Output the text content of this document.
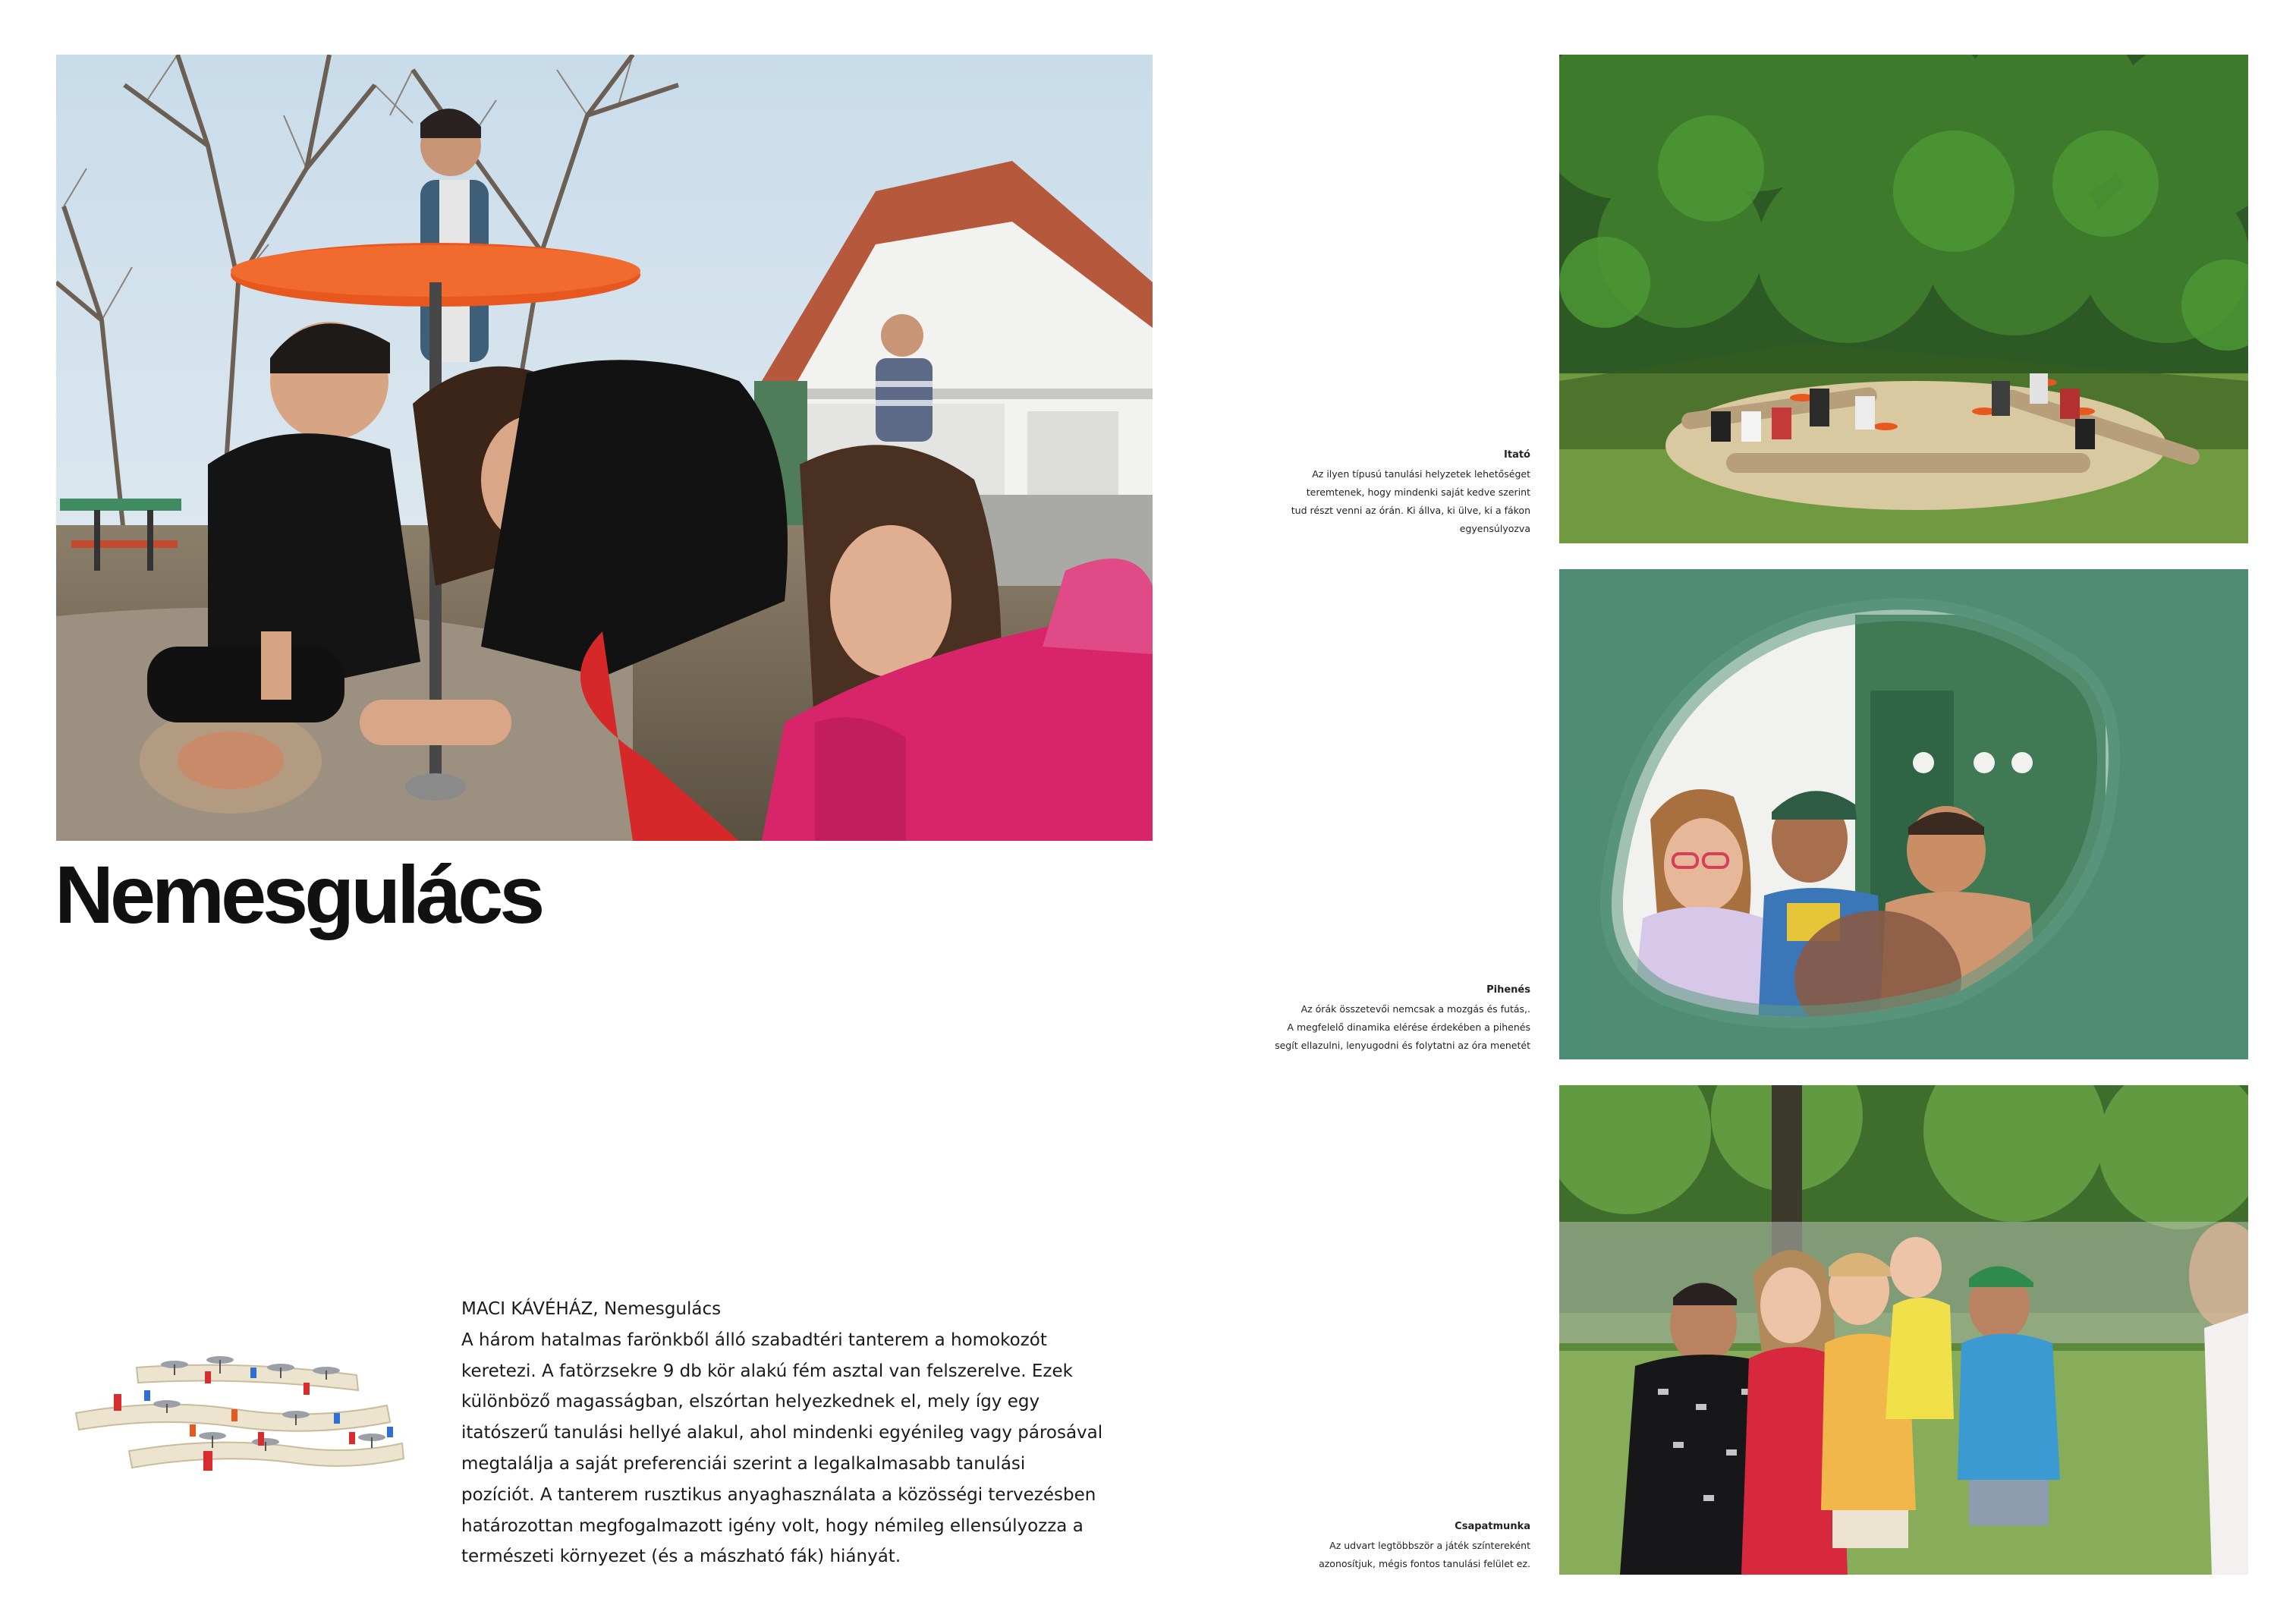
Nemesgulács
Itató
Az ilyen típusú tanulási helyzetek lehetőséget
teremtenek, hogy mindenki saját kedve szerint
tud részt venni az órán. Ki állva, ki ülve, ki a fákon
egyensúlyozva
Pihenés
Az órák összetevői nemcsak a mozgás és futás,.
A megfelelő dinamika elérése érdekében a pihenés
segít ellazulni, lenyugodni és folytatni az óra menetét
Csapatmunka
Az udvart legtöbbször a játék színtereként
azonosítjuk, mégis fontos tanulási felület ez.

MACI KÁVÉHÁZ, Nemesgulács

A három hatalmas farönkből álló szabadtéri tanterem a homokozót

keretezi. A fatörzsekre 9 db kör alakú fém asztal van felszerelve. Ezek

különböző magasságban, elszórtan helyezkednek el, mely így egy

itatószerű tanulási hellyé alakul, ahol mindenki egyénileg vagy párosával

megtalálja a saját preferenciái szerint a legalkalmasabb tanulási

pozíciót. A tanterem rusztikus anyaghasználata a közösségi tervezésben

határozottan megfogalmazott igény volt, hogy némileg ellensúlyozza a

természeti környezet (és a mászható fák) hiányát.
